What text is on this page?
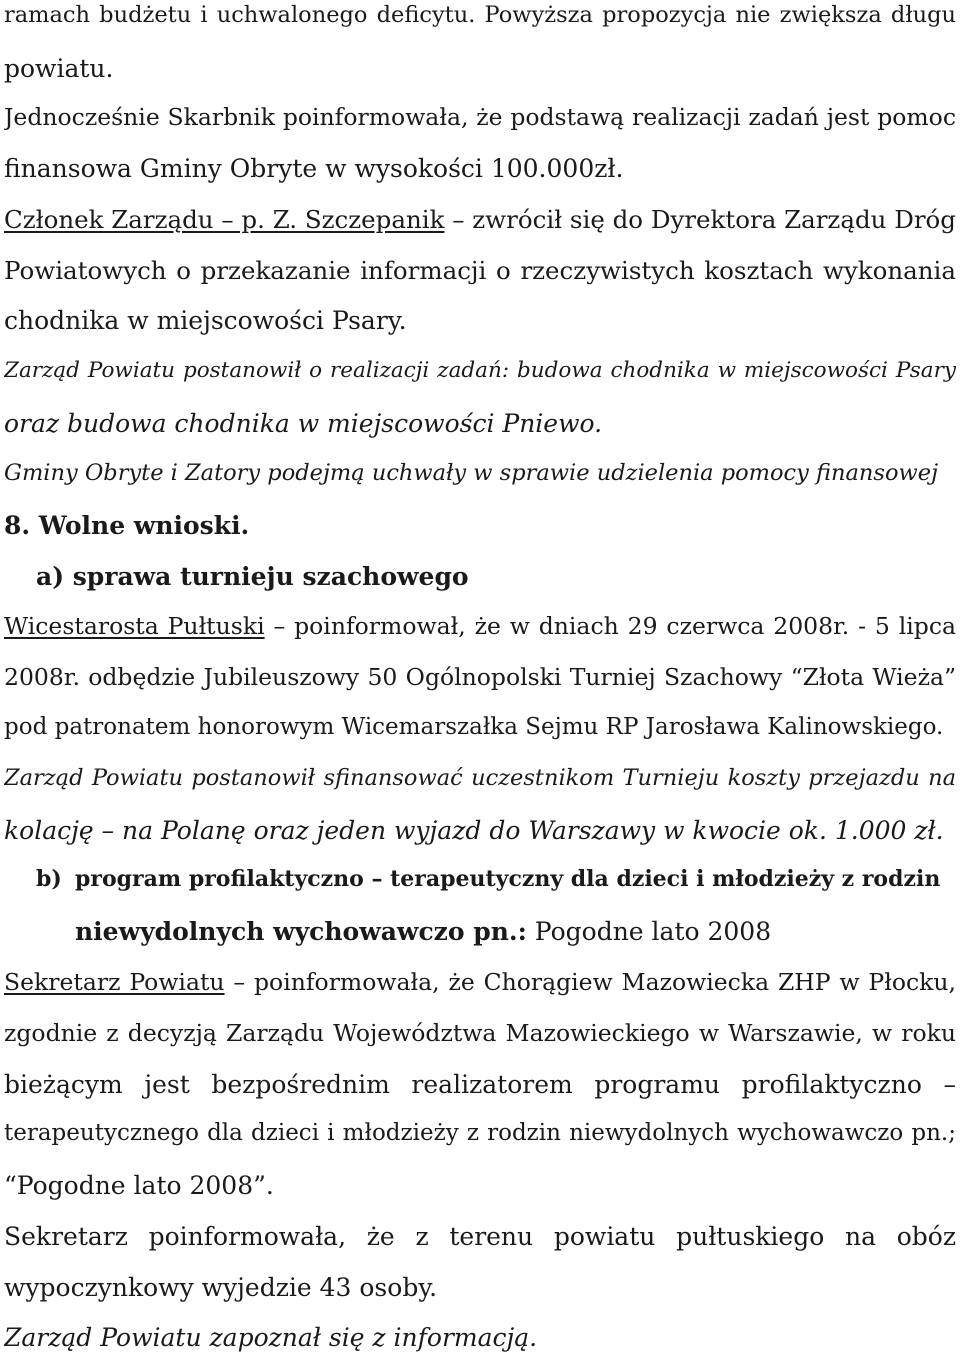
ramach budżetu i uchwalonego deficytu. Powyższa propozycja nie zwiększa długu
powiatu.
Jednocześnie Skarbnik poinformowała, że podstawą realizacji zadań jest pomoc
finansowa Gminy Obryte w wysokości 100.000zł.
Członek Zarządu – p. Z. Szczepanik – zwrócił się do Dyrektora Zarządu Dróg
Powiatowych o przekazanie informacji o rzeczywistych kosztach wykonania
chodnika w miejscowości Psary.
Zarząd Powiatu postanowił o realizacji zadań: budowa chodnika w miejscowości Psary
oraz budowa chodnika w miejscowości Pniewo.
Gminy Obryte i Zatory podejmą uchwały w sprawie udzielenia pomocy finansowej
8. Wolne wnioski.
a) sprawa turnieju szachowego
Wicestarosta Pułtuski – poinformował, że w dniach 29 czerwca 2008r. - 5 lipca
2008r. odbędzie Jubileuszowy 50 Ogólnopolski Turniej Szachowy “Złota Wieża”
pod patronatem honorowym Wicemarszałka Sejmu RP Jarosława Kalinowskiego.
Zarząd Powiatu postanowił sfinansować uczestnikom Turnieju koszty przejazdu na
kolację – na Polanę oraz jeden wyjazd do Warszawy w kwocie ok. 1.000 zł.
b) program profilaktyczno – terapeutyczny dla dzieci i młodzieży z rodzin
niewydolnych wychowawczo pn.: Pogodne lato 2008
Sekretarz Powiatu – poinformowała, że Chorągiew Mazowiecka ZHP w Płocku,
zgodnie z decyzją Zarządu Województwa Mazowieckiego w Warszawie, w roku
bieżącym jest bezpośrednim realizatorem programu profilaktyczno –
terapeutycznego dla dzieci i młodzieży z rodzin niewydolnych wychowawczo pn.;
“Pogodne lato 2008”.
Sekretarz poinformowała, że z terenu powiatu pułtuskiego na obóz
wypoczynkowy wyjedzie 43 osoby.
Zarząd Powiatu zapoznał się z informacją.
